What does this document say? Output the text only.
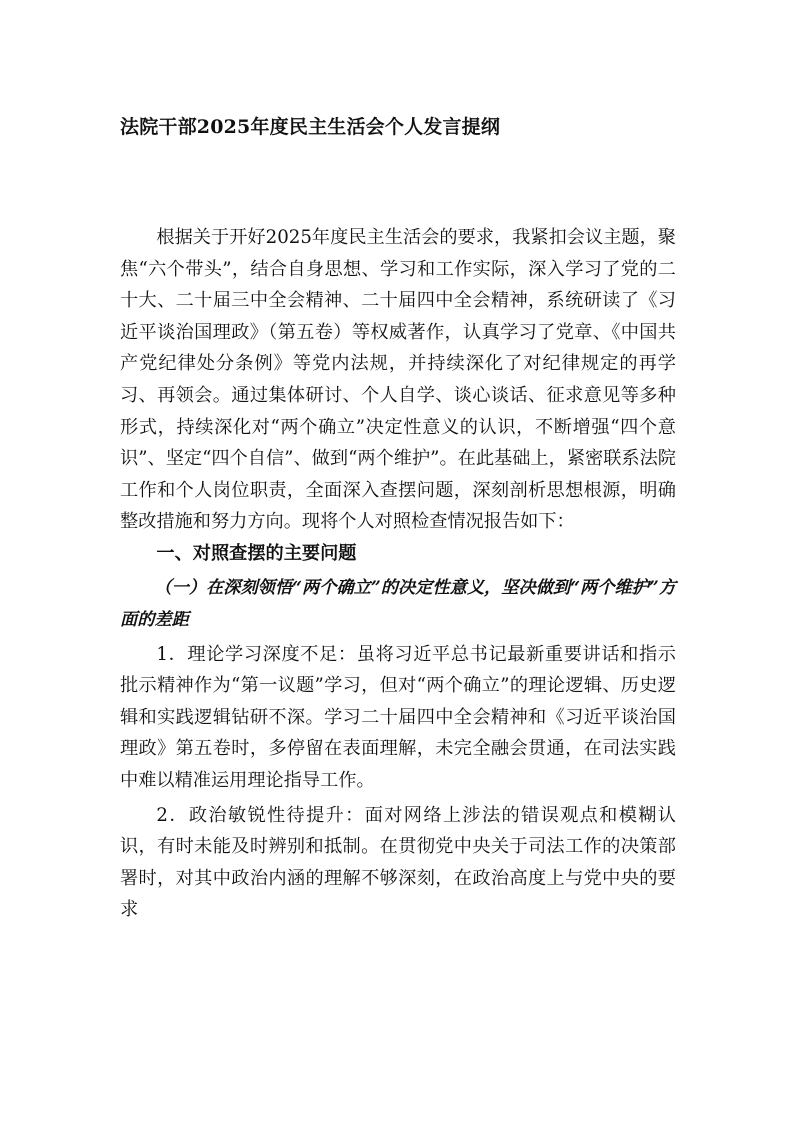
法院干部2025年度民主生活会个人发言提纲

根据关于开好2025年度民主生活会的要求，我紧扣会议主题，聚焦“六个带头”，结合自身思想、学习和工作实际，深入学习了党的二十大、二十届三中全会精神、二十届四中全会精神，系统研读了《习近平谈治国理政》（第五卷）等权威著作，认真学习了党章、《中国共产党纪律处分条例》等党内法规，并持续深化了对纪律规定的再学习、再领会。通过集体研讨、个人自学、谈心谈话、征求意见等多种形式，持续深化对“两个确立”决定性意义的认识，不断增强“四个意识”、坚定“四个自信”、做到“两个维护”。在此基础上，紧密联系法院工作和个人岗位职责，全面深入查摆问题，深刻剖析思想根源，明确整改措施和努力方向。现将个人对照检查情况报告如下：

一、对照查摆的主要问题

（一）在深刻领悟“两个确立”的决定性意义，坚决做到“两个维护”方面的差距

1．理论学习深度不足：虽将习近平总书记最新重要讲话和指示批示精神作为“第一议题”学习，但对“两个确立”的理论逻辑、历史逻辑和实践逻辑钻研不深。学习二十届四中全会精神和《习近平谈治国理政》第五卷时，多停留在表面理解，未完全融会贯通，在司法实践中难以精准运用理论指导工作。

2．政治敏锐性待提升：面对网络上涉法的错误观点和模糊认识，有时未能及时辨别和抵制。在贯彻党中央关于司法工作的决策部署时，对其中政治内涵的理解不够深刻，在政治高度上与党中央的要求
